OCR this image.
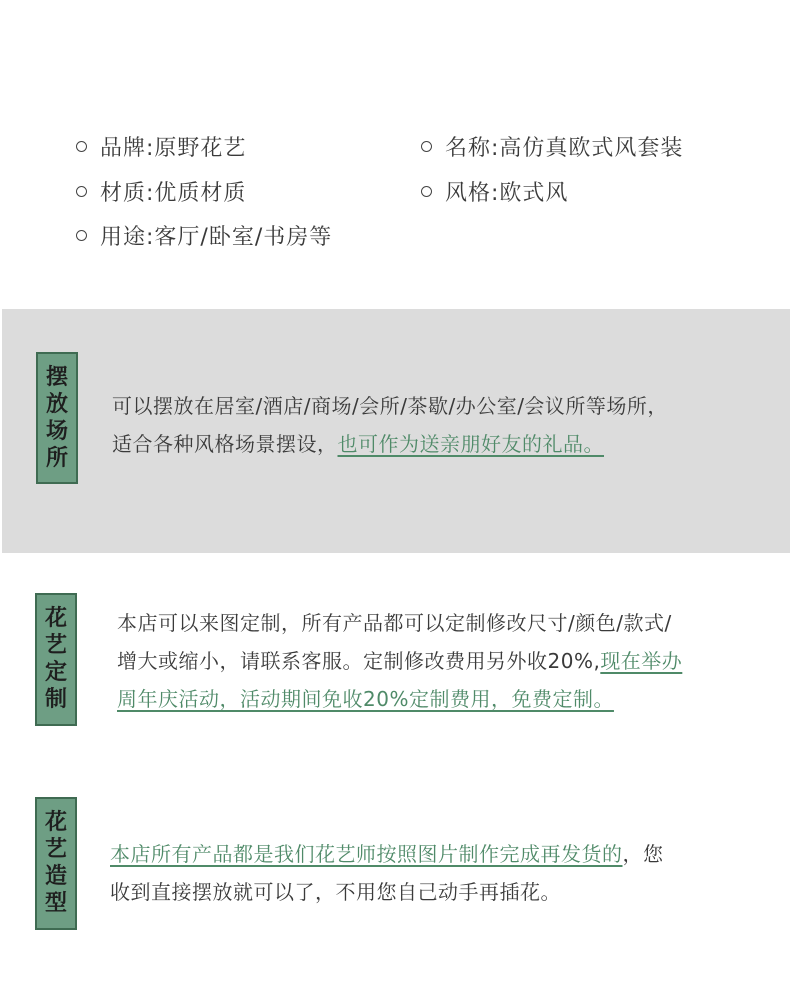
品牌:原野花艺	名称:高仿真欧式风套装
材质:优质材质	风格:欧式风
用途:客厅/卧室/书房等
摆
放
场
所
可以摆放在居室/酒店/商场/会所/茶歇/办公室/会议所等场所，
适合各种风格场景摆设，也可作为送亲朋好友的礼品。
花
艺
定
制
本店可以来图定制，所有产品都可以定制修改尺寸/颜色/款式/
增大或缩小，请联系客服。定制修改费用另外收20%,现在举办
周年庆活动，活动期间免收20%定制费用，免费定制。
花
艺
造
型
本店所有产品都是我们花艺师按照图片制作完成再发货的，您
收到直接摆放就可以了，不用您自己动手再插花。
